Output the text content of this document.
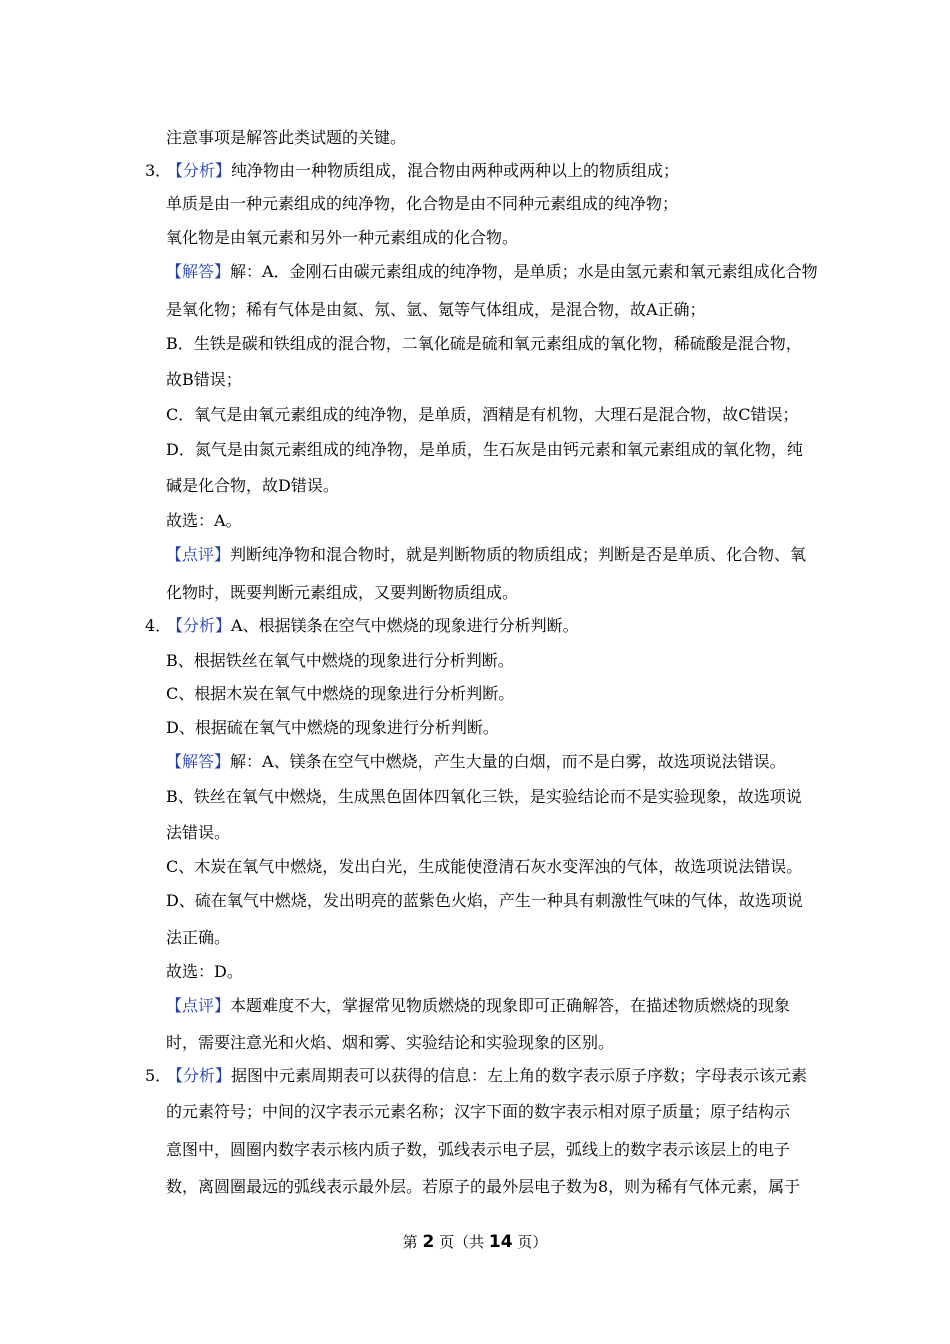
注意事项是解答此类试题的关键。
3．【分析】纯净物由一种物质组成，混合物由两种或两种以上的物质组成；
单质是由一种元素组成的纯净物，化合物是由不同种元素组成的纯净物；
氧化物是由氧元素和另外一种元素组成的化合物。
【解答】解：A．金刚石由碳元素组成的纯净物，是单质；水是由氢元素和氧元素组成化合物
是氧化物；稀有气体是由氦、氖、氩、氪等气体组成，是混合物，故A正确；
B．生铁是碳和铁组成的混合物，二氧化硫是硫和氧元素组成的氧化物，稀硫酸是混合物，
故B错误；
C．氧气是由氧元素组成的纯净物，是单质，酒精是有机物，大理石是混合物，故C错误；
D．氮气是由氮元素组成的纯净物，是单质，生石灰是由钙元素和氧元素组成的氧化物，纯
碱是化合物，故D错误。
故选：A。
【点评】判断纯净物和混合物时，就是判断物质的物质组成；判断是否是单质、化合物、氧
化物时，既要判断元素组成，又要判断物质组成。
4．【分析】A、根据镁条在空气中燃烧的现象进行分析判断。
B、根据铁丝在氧气中燃烧的现象进行分析判断。
C、根据木炭在氧气中燃烧的现象进行分析判断。
D、根据硫在氧气中燃烧的现象进行分析判断。
【解答】解：A、镁条在空气中燃烧，产生大量的白烟，而不是白雾，故选项说法错误。
B、铁丝在氧气中燃烧，生成黑色固体四氧化三铁，是实验结论而不是实验现象，故选项说
法错误。
C、木炭在氧气中燃烧，发出白光，生成能使澄清石灰水变浑浊的气体，故选项说法错误。
D、硫在氧气中燃烧，发出明亮的蓝紫色火焰，产生一种具有刺激性气味的气体，故选项说
法正确。
故选：D。
【点评】本题难度不大，掌握常见物质燃烧的现象即可正确解答，在描述物质燃烧的现象
时，需要注意光和火焰、烟和雾、实验结论和实验现象的区别。
5．【分析】据图中元素周期表可以获得的信息：左上角的数字表示原子序数；字母表示该元素
的元素符号；中间的汉字表示元素名称；汉字下面的数字表示相对原子质量；原子结构示
意图中，圆圈内数字表示核内质子数，弧线表示电子层，弧线上的数字表示该层上的电子
数，离圆圈最远的弧线表示最外层。若原子的最外层电子数为8，则为稀有气体元素，属于
第 2 页（共 14 页）
